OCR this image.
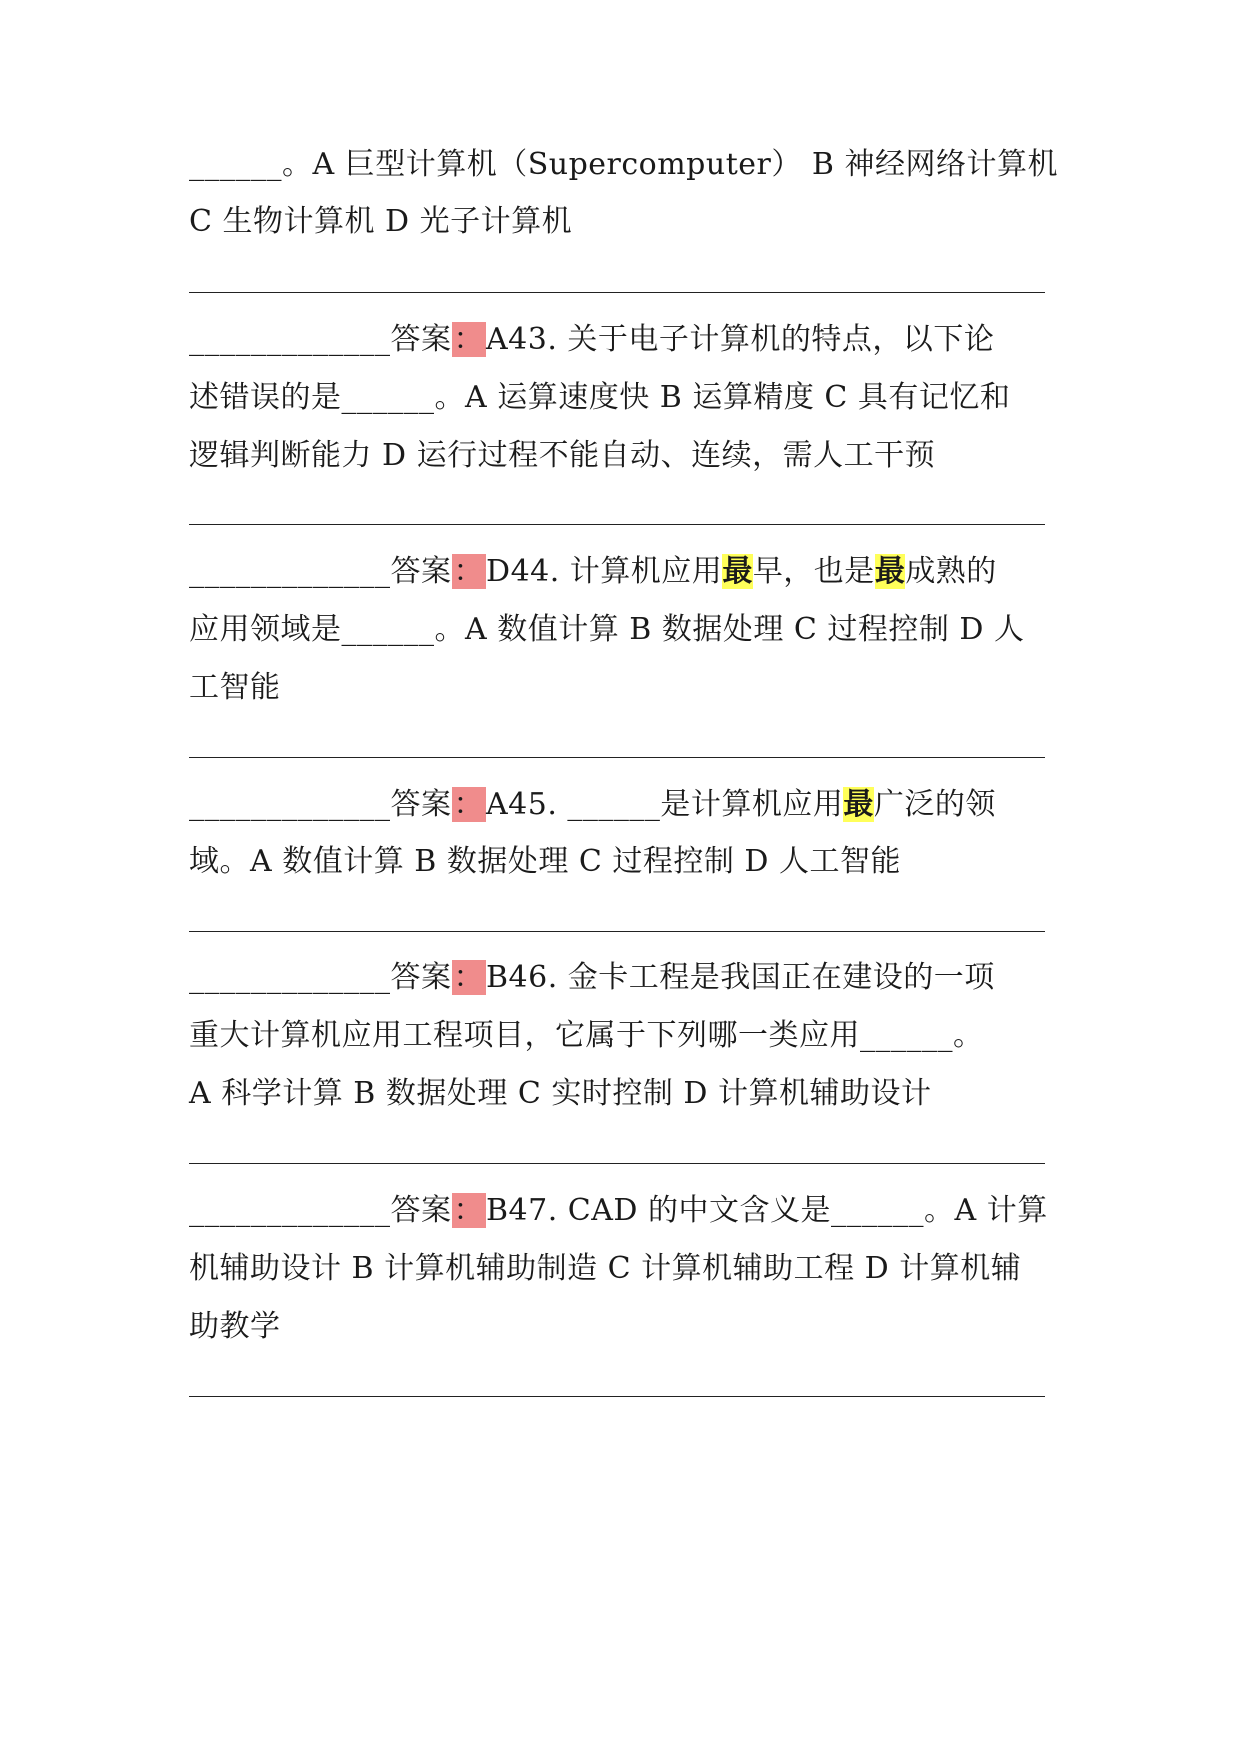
______。A 巨型计算机（Supercomputer） B 神经网络计算机
C 生物计算机 D 光子计算机
_____________答案：A43. 关于电子计算机的特点，以下论
述错误的是______。A 运算速度快 B 运算精度 C 具有记忆和
逻辑判断能力 D 运行过程不能自动、连续，需人工干预
_____________答案：D44. 计算机应用最早，也是最成熟的
应用领域是______。A 数值计算 B 数据处理 C 过程控制 D 人
工智能
_____________答案：A45. ______是计算机应用最广泛的领
域。A 数值计算 B 数据处理 C 过程控制 D 人工智能
_____________答案：B46. 金卡工程是我国正在建设的一项
重大计算机应用工程项目，它属于下列哪一类应用______。
A 科学计算 B 数据处理 C 实时控制 D 计算机辅助设计
_____________答案：B47. CAD 的中文含义是______。A 计算
机辅助设计 B 计算机辅助制造 C 计算机辅助工程 D 计算机辅
助教学
